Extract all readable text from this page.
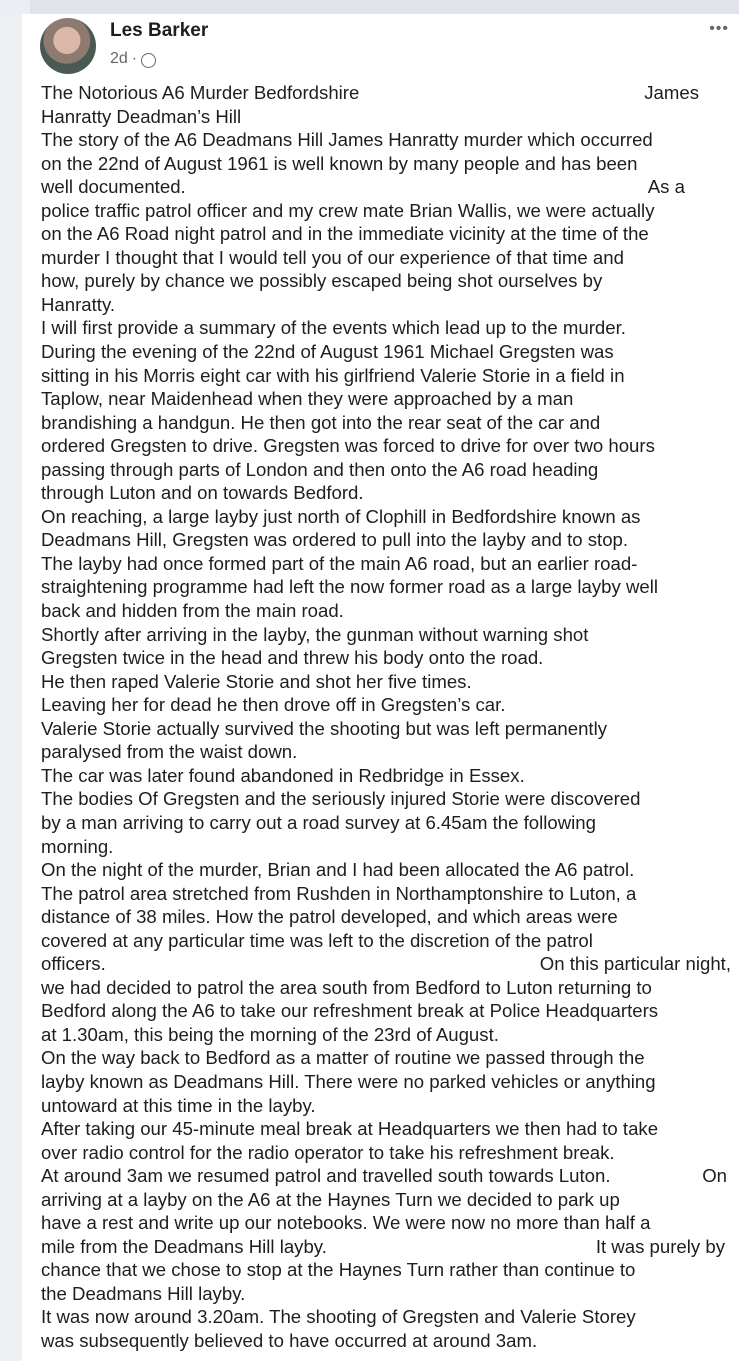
Les Barker
2d ·
•••
The Notorious A6 Murder Bedfordshire	James
Hanratty Deadman’s Hill
The story of the A6 Deadmans Hill James Hanratty murder which occurred
on the 22nd of August 1961 is well known by many people and has been
well documented.	As a
police traffic patrol officer and my crew mate Brian Wallis, we were actually
on the A6 Road night patrol and in the immediate vicinity at the time of the
murder I thought that I would tell you of our experience of that time and
how, purely by chance we possibly escaped being shot ourselves by
Hanratty.
I will first provide a summary of the events which lead up to the murder.
During the evening of the 22nd of August 1961 Michael Gregsten was
sitting in his Morris eight car with his girlfriend Valerie Storie in a field in
Taplow, near Maidenhead when they were approached by a man
brandishing a handgun. He then got into the rear seat of the car and
ordered Gregsten to drive. Gregsten was forced to drive for over two hours
passing through parts of London and then onto the A6 road heading
through Luton and on towards Bedford.
On reaching, a large layby just north of Clophill in Bedfordshire known as
Deadmans Hill, Gregsten was ordered to pull into the layby and to stop.
The layby had once formed part of the main A6 road, but an earlier road-
straightening programme had left the now former road as a large layby well
back and hidden from the main road.
Shortly after arriving in the layby, the gunman without warning shot
Gregsten twice in the head and threw his body onto the road.
He then raped Valerie Storie and shot her five times.
Leaving her for dead he then drove off in Gregsten’s car.
Valerie Storie actually survived the shooting but was left permanently
paralysed from the waist down.
The car was later found abandoned in Redbridge in Essex.
The bodies Of Gregsten and the seriously injured Storie were discovered
by a man arriving to carry out a road survey at 6.45am the following
morning.
On the night of the murder, Brian and I had been allocated the A6 patrol.
The patrol area stretched from Rushden in Northamptonshire to Luton, a
distance of 38 miles. How the patrol developed, and which areas were
covered at any particular time was left to the discretion of the patrol
officers.	On this particular night,
we had decided to patrol the area south from Bedford to Luton returning to
Bedford along the A6 to take our refreshment break at Police Headquarters
at 1.30am, this being the morning of the 23rd of August.
On the way back to Bedford as a matter of routine we passed through the
layby known as Deadmans Hill. There were no parked vehicles or anything
untoward at this time in the layby.
After taking our 45-minute meal break at Headquarters we then had to take
over radio control for the radio operator to take his refreshment break.
At around 3am we resumed patrol and travelled south towards Luton.	On
arriving at a layby on the A6 at the Haynes Turn we decided to park up
have a rest and write up our notebooks. We were now no more than half a
mile from the Deadmans Hill layby.	It was purely by
chance that we chose to stop at the Haynes Turn rather than continue to
the Deadmans Hill layby.
It was now around 3.20am. The shooting of Gregsten and Valerie Storey
was subsequently believed to have occurred at around 3am.
